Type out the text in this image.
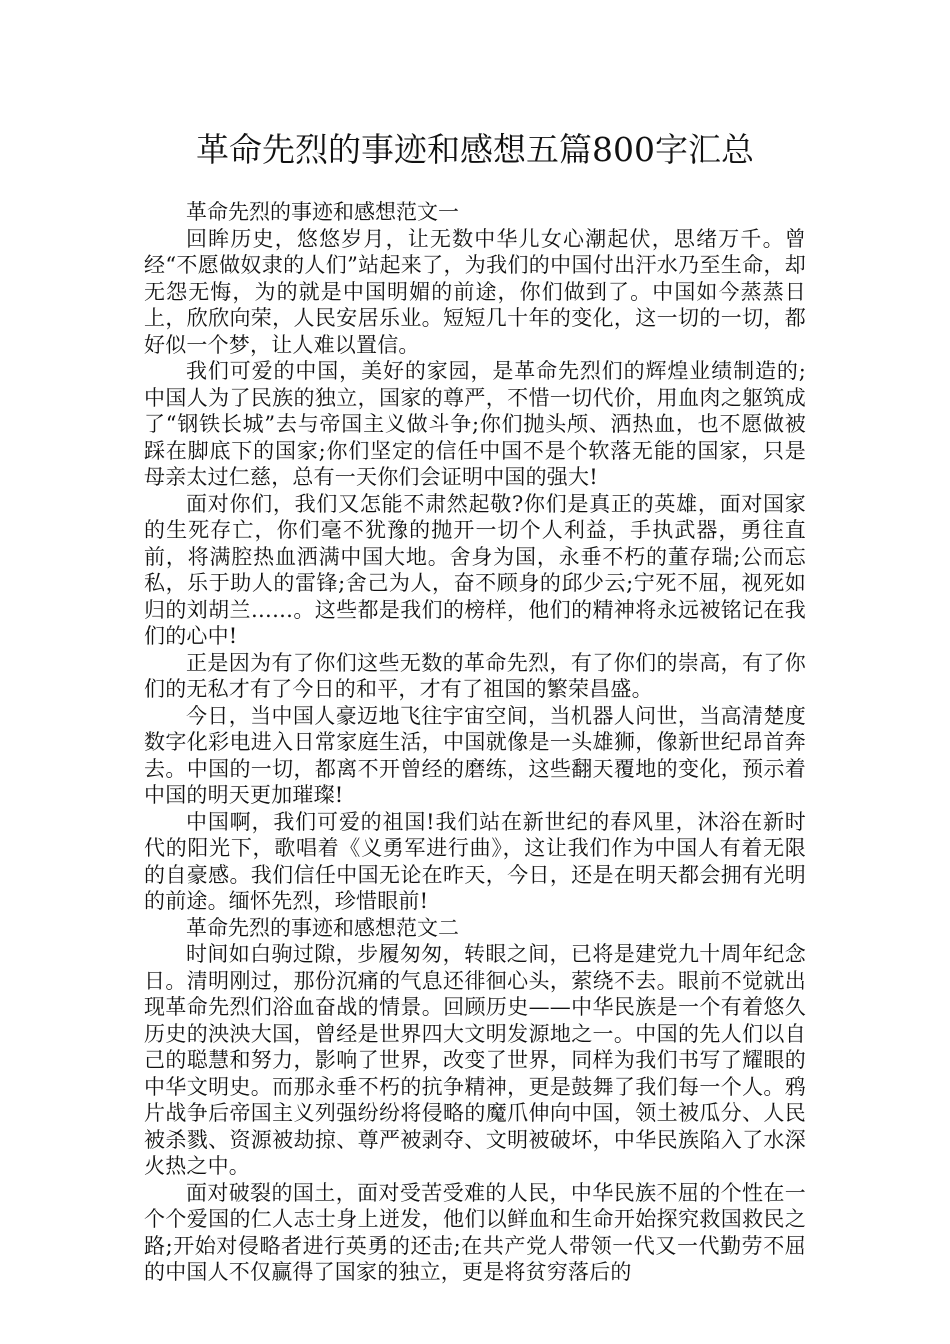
革命先烈的事迹和感想五篇800字汇总

革命先烈的事迹和感想范文一

回眸历史，悠悠岁月，让无数中华儿女心潮起伏，思绪万千。曾经“不愿做奴隶的人们”站起来了，为我们的中国付出汗水乃至生命，却无怨无悔，为的就是中国明媚的前途，你们做到了。中国如今蒸蒸日上，欣欣向荣，人民安居乐业。短短几十年的变化，这一切的一切，都好似一个梦，让人难以置信。

我们可爱的中国，美好的家园，是革命先烈们的辉煌业绩制造的;中国人为了民族的独立，国家的尊严，不惜一切代价，用血肉之躯筑成了“钢铁长城”去与帝国主义做斗争;你们抛头颅、洒热血，也不愿做被踩在脚底下的国家;你们坚定的信任中国不是个软落无能的国家，只是母亲太过仁慈，总有一天你们会证明中国的强大!

面对你们，我们又怎能不肃然起敬?你们是真正的英雄，面对国家的生死存亡，你们毫不犹豫的抛开一切个人利益，手执武器，勇往直前，将满腔热血洒满中国大地。舍身为国，永垂不朽的董存瑞;公而忘私，乐于助人的雷锋;舍己为人，奋不顾身的邱少云;宁死不屈，视死如归的刘胡兰……。这些都是我们的榜样，他们的精神将永远被铭记在我们的心中!

正是因为有了你们这些无数的革命先烈，有了你们的崇高，有了你们的无私才有了今日的和平，才有了祖国的繁荣昌盛。

今日，当中国人豪迈地飞往宇宙空间，当机器人问世，当高清楚度数字化彩电进入日常家庭生活，中国就像是一头雄狮，像新世纪昂首奔去。中国的一切，都离不开曾经的磨练，这些翻天覆地的变化，预示着中国的明天更加璀璨!

中国啊，我们可爱的祖国!我们站在新世纪的春风里，沐浴在新时代的阳光下，歌唱着《义勇军进行曲》，这让我们作为中国人有着无限的自豪感。我们信任中国无论在昨天，今日，还是在明天都会拥有光明的前途。缅怀先烈，珍惜眼前!

革命先烈的事迹和感想范文二

时间如白驹过隙，步履匆匆，转眼之间，已将是建党九十周年纪念日。清明刚过，那份沉痛的气息还徘徊心头，萦绕不去。眼前不觉就出现革命先烈们浴血奋战的情景。回顾历史——中华民族是一个有着悠久历史的泱泱大国，曾经是世界四大文明发源地之一。中国的先人们以自己的聪慧和努力，影响了世界，改变了世界，同样为我们书写了耀眼的中华文明史。而那永垂不朽的抗争精神，更是鼓舞了我们每一个人。鸦片战争后帝国主义列强纷纷将侵略的魔爪伸向中国，领土被瓜分、人民被杀戮、资源被劫掠、尊严被剥夺、文明被破坏，中华民族陷入了水深火热之中。

面对破裂的国土，面对受苦受难的人民，中华民族不屈的个性在一个个爱国的仁人志士身上迸发，他们以鲜血和生命开始探究救国救民之路;开始对侵略者进行英勇的还击;在共产党人带领一代又一代勤劳不屈的中国人不仅赢得了国家的独立，更是将贫穷落后的
